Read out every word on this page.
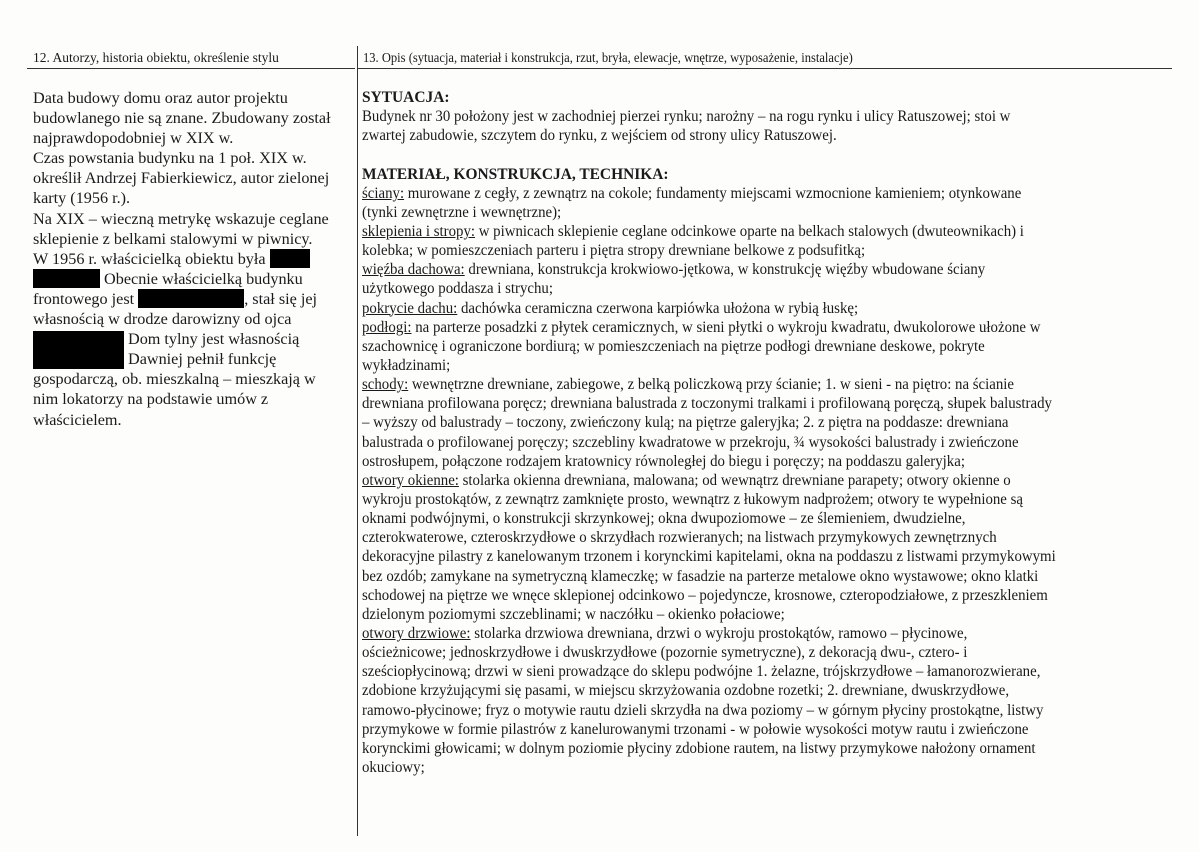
12. Autorzy, historia obiektu, określenie stylu	13. Opis (sytuacja, materiał i konstrukcja, rzut, bryła, elewacje, wnętrze, wyposażenie, instalacje)
Data budowy domu oraz autor projektu
budowlanego nie są znane. Zbudowany został
najprawdopodobniej w XIX w.
Czas powstania budynku na 1 poł. XIX w.
określił Andrzej Fabierkiewicz, autor zielonej
karty (1956 r.).
Na XIX – wieczną metrykę wskazuje ceglane
sklepienie z belkami stalowymi w piwnicy.
W 1956 r. właścicielką obiektu była
Obecnie właścicielką budynku
frontowego jest	, stał się jej
własnością w drodze darowizny od ojca
Dom tylny jest własnością
Dawniej pełnił funkcję
gospodarczą, ob. mieszkalną – mieszkają w
nim lokatorzy na podstawie umów z
właścicielem.
SYTUACJA:
Budynek nr 30 położony jest w zachodniej pierzei rynku; narożny – na rogu rynku i ulicy Ratuszowej; stoi w
zwartej zabudowie, szczytem do rynku, z wejściem od strony ulicy Ratuszowej.
MATERIAŁ, KONSTRUKCJA, TECHNIKA:
ściany: murowane z cegły, z zewnątrz na cokole; fundamenty miejscami wzmocnione kamieniem; otynkowane
(tynki zewnętrzne i wewnętrzne);
sklepienia i stropy: w piwnicach sklepienie ceglane odcinkowe oparte na belkach stalowych (dwuteownikach) i
kolebka; w pomieszczeniach parteru i piętra stropy drewniane belkowe z podsufitką;
więźba dachowa: drewniana, konstrukcja krokwiowo-jętkowa, w konstrukcję więźby wbudowane ściany
użytkowego poddasza i strychu;
pokrycie dachu: dachówka ceramiczna czerwona karpiówka ułożona w rybią łuskę;
podłogi: na parterze posadzki z płytek ceramicznych, w sieni płytki o wykroju kwadratu, dwukolorowe ułożone w
szachownicę i ograniczone bordiurą; w pomieszczeniach na piętrze podłogi drewniane deskowe, pokryte
wykładzinami;
schody: wewnętrzne drewniane, zabiegowe, z belką policzkową przy ścianie; 1. w sieni - na piętro: na ścianie
drewniana profilowana poręcz; drewniana balustrada z toczonymi tralkami i profilowaną poręczą, słupek balustrady
– wyższy od balustrady – toczony, zwieńczony kulą; na piętrze galeryjka; 2. z piętra na poddasze: drewniana
balustrada o profilowanej poręczy; szczebliny kwadratowe w przekroju, ¾ wysokości balustrady i zwieńczone
ostrosłupem, połączone rodzajem kratownicy równoległej do biegu i poręczy; na poddaszu galeryjka;
otwory okienne: stolarka okienna drewniana, malowana; od wewnątrz drewniane parapety; otwory okienne o
wykroju prostokątów, z zewnątrz zamknięte prosto, wewnątrz z łukowym nadprożem; otwory te wypełnione są
oknami podwójnymi, o konstrukcji skrzynkowej; okna dwupoziomowe – ze ślemieniem, dwudzielne,
czterokwaterowe, czteroskrzydłowe o skrzydłach rozwieranych; na listwach przymykowych zewnętrznych
dekoracyjne pilastry z kanelowanym trzonem i korynckimi kapitelami, okna na poddaszu z listwami przymykowymi
bez ozdób; zamykane na symetryczną klameczkę; w fasadzie na parterze metalowe okno wystawowe; okno klatki
schodowej na piętrze we wnęce sklepionej odcinkowo – pojedyncze, krosnowe, czteropodziałowe, z przeszkleniem
dzielonym poziomymi szczeblinami; w naczółku – okienko połaciowe;
otwory drzwiowe: stolarka drzwiowa drewniana, drzwi o wykroju prostokątów, ramowo – płycinowe,
ościeżnicowe; jednoskrzydłowe i dwuskrzydłowe (pozornie symetryczne), z dekoracją dwu-, cztero- i
sześciopłycinową; drzwi w sieni prowadzące do sklepu podwójne 1. żelazne, trójskrzydłowe – łamanorozwierane,
zdobione krzyżującymi się pasami, w miejscu skrzyżowania ozdobne rozetki; 2. drewniane, dwuskrzydłowe,
ramowo-płycinowe; fryz o motywie rautu dzieli skrzydła na dwa poziomy – w górnym płyciny prostokątne, listwy
przymykowe w formie pilastrów z kanelurowanymi trzonami - w połowie wysokości motyw rautu i zwieńczone
korynckimi głowicami; w dolnym poziomie płyciny zdobione rautem, na listwy przymykowe nałożony ornament
okuciowy;
